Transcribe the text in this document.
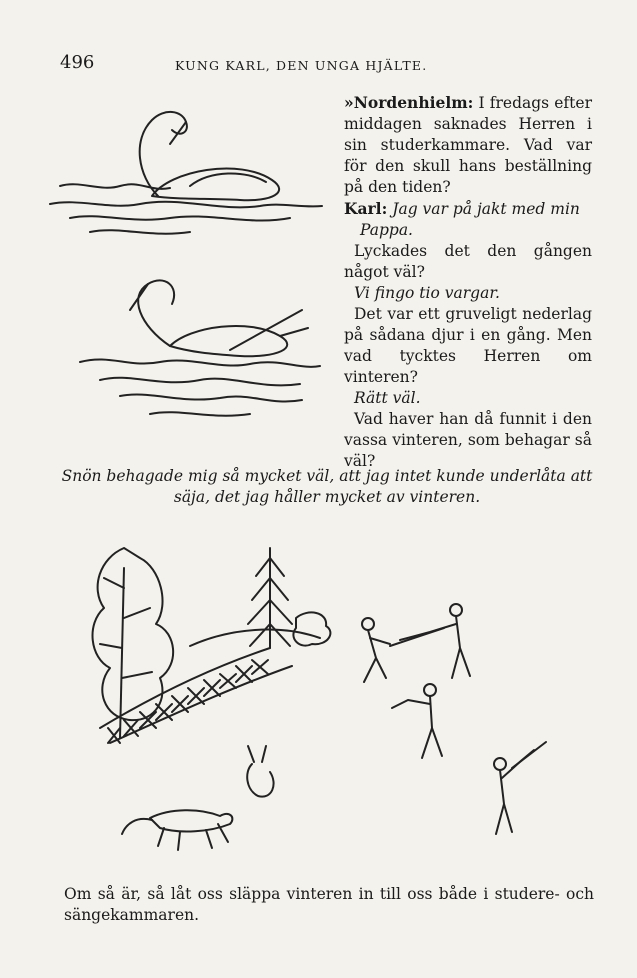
496	KUNG KARL, DEN UNGA HJÄLTE.

»Nordenhielm: I fredags efter middagen saknades Herren i sin studerkammare. Vad var för den skull hans beställning på den tiden?

Karl: Jag var på jakt med min Pappa.

Lyckades det den gången något väl?

Vi fingo tio vargar.

Det var ett gruveligt nederlag på sådana djur i en gång. Men vad tycktes Herren om vinteren?

Rätt väl.

Vad haver han då funnit i den vassa vinteren, som behagar så väl?

Snön behagade mig så mycket väl, att jag intet kunde underlåta att säja, det jag håller mycket av vinteren.
Om så är, så låt oss släppa vinteren in till oss både i studere- och sängekammaren.
